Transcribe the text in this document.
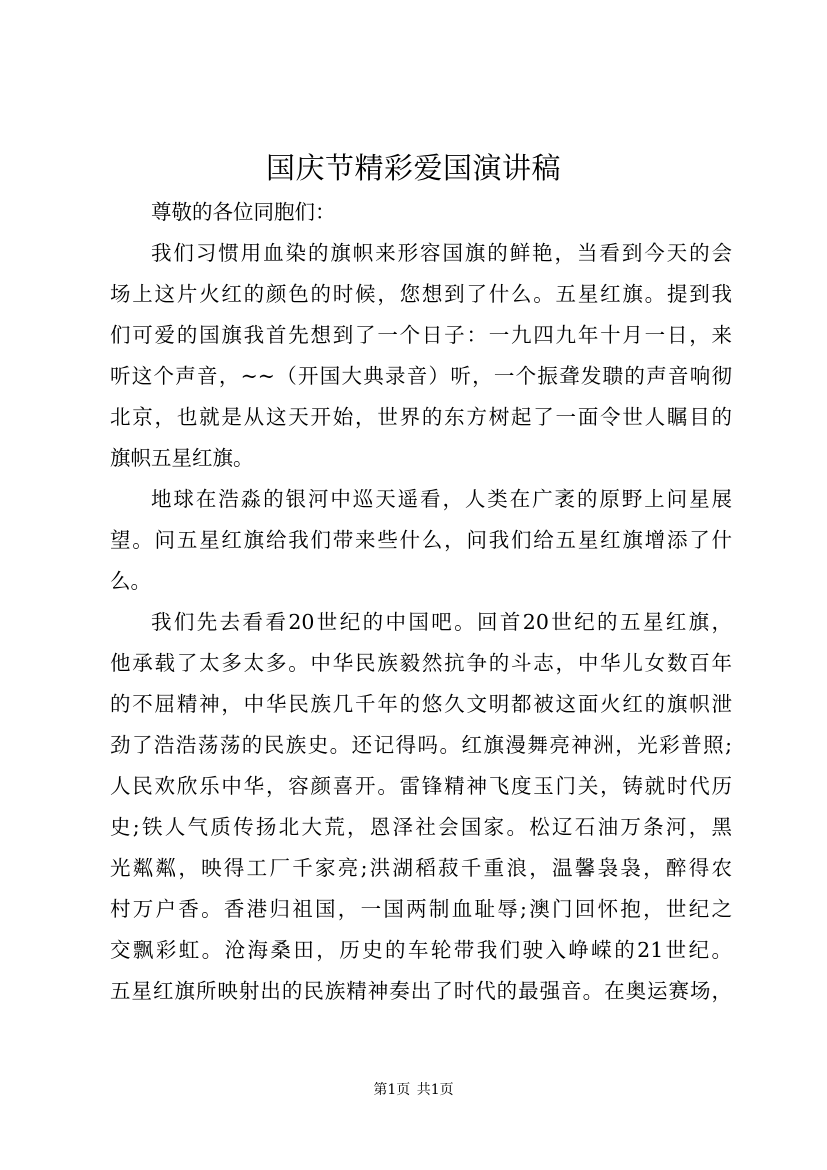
国庆节精彩爱国演讲稿
尊敬的各位同胞们：
我们习惯用血染的旗帜来形容国旗的鲜艳，当看到今天的会
场上这片火红的颜色的时候，您想到了什么。五星红旗。提到我
们可爱的国旗我首先想到了一个日子：一九四九年十月一日，来
听这个声音，~~（开国大典录音）听，一个振聋发聩的声音响彻
北京，也就是从这天开始，世界的东方树起了一面令世人瞩目的
旗帜五星红旗。
地球在浩淼的银河中巡天遥看，人类在广袤的原野上问星展
望。问五星红旗给我们带来些什么，问我们给五星红旗增添了什
么。
我们先去看看20世纪的中国吧。回首20世纪的五星红旗，
他承载了太多太多。中华民族毅然抗争的斗志，中华儿女数百年
的不屈精神，中华民族几千年的悠久文明都被这面火红的旗帜泄
劲了浩浩荡荡的民族史。还记得吗。红旗漫舞亮神洲，光彩普照;
人民欢欣乐中华，容颜喜开。雷锋精神飞度玉门关，铸就时代历
史;铁人气质传扬北大荒，恩泽社会国家。松辽石油万条河，黑
光粼粼，映得工厂千家亮;洪湖稻菽千重浪，温馨袅袅，醉得农
村万户香。香港归祖国，一国两制血耻辱;澳门回怀抱，世纪之
交飘彩虹。沧海桑田，历史的车轮带我们驶入峥嵘的21世纪。
五星红旗所映射出的民族精神奏出了时代的最强音。在奥运赛场，
第1页 共1页
